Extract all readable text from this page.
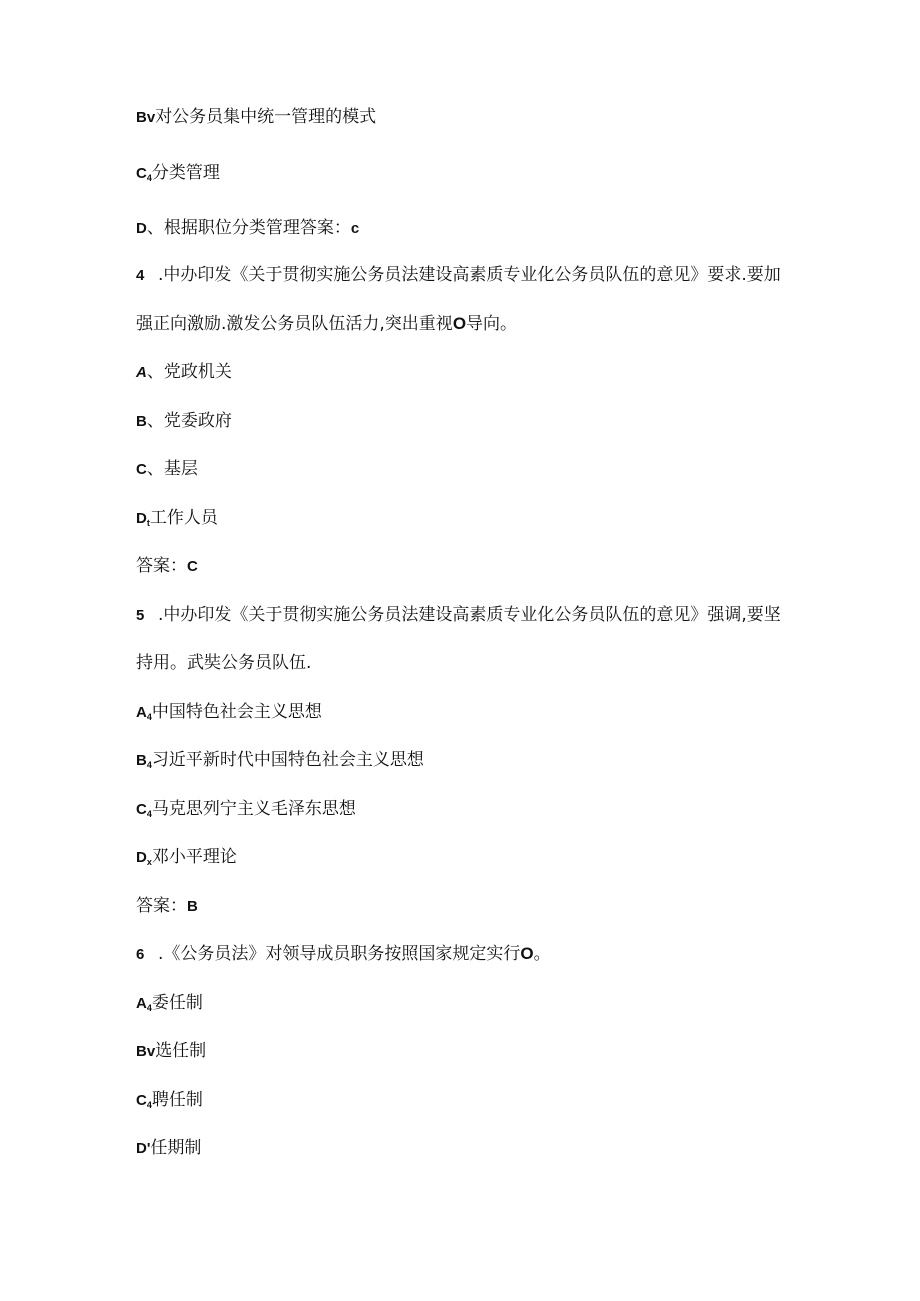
Bv对公务员集中统一管理的模式
$C_4$分类管理
D、根据职位分类管理答案：c
4 .中办印发《关于贯彻实施公务员法建设高素质专业化公务员队伍的意见》要求.要加
强正向激励.激发公务员队伍活力,突出重视O导向。
A、党政机关
B、党委政府
C、基层
$D_t$工作人员
答案：C
5 .中办印发《关于贯彻实施公务员法建设高素质专业化公务员队伍的意见》强调,要坚
持用。武奘公务员队伍.
$A_4$中国特色社会主义思想
$B_4$习近平新时代中国特色社会主义思想
$C_4$马克思列宁主义毛泽东思想
$D_x$邓小平理论
答案：B
6 .《公务员法》对领导成员职务按照国家规定实行O。
$A_4$委任制
Bv选任制
$C_4$聘任制
D'任期制
